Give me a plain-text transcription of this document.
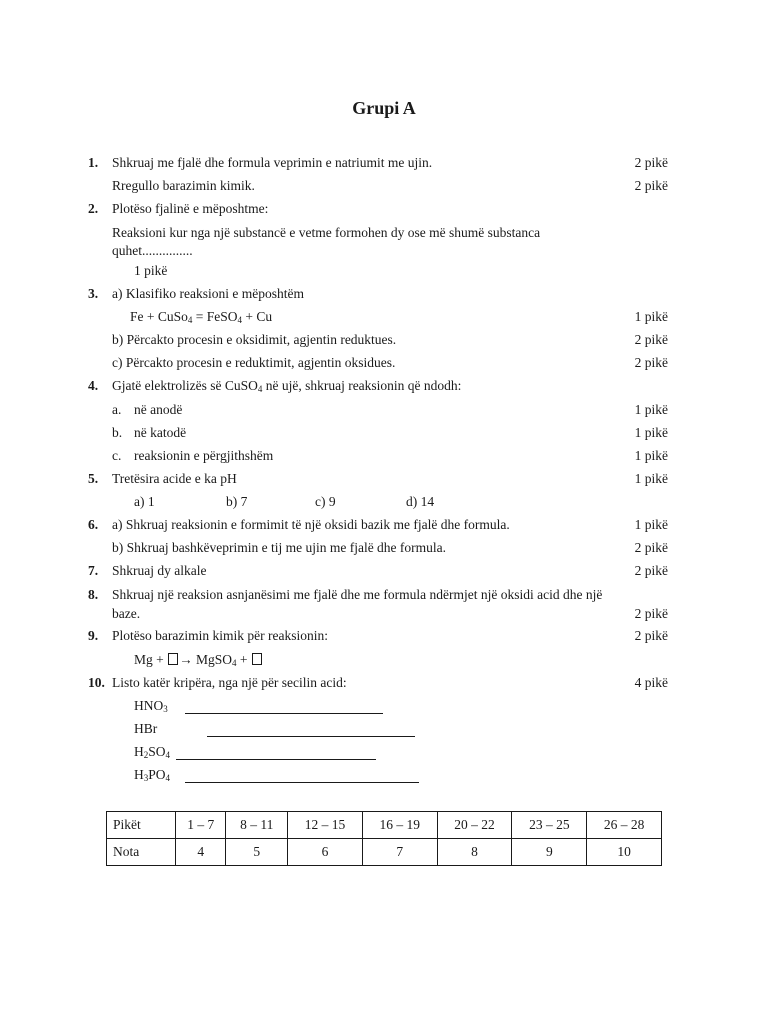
Grupi A
1. Shkruaj me fjalë dhe formula veprimin e natriumit me ujin.	2 pikë
Rregullo barazimin kimik.	2 pikë
2. Plotëso fjalinë e mëposhtme:
Reaksioni kur nga një substancë e vetme formohen dy ose më shumë substanca
quhet...............
1 pikë
3. a) Klasifiko reaksioni e mëposhtëm
Fe + CuSo$_4$ = FeSO$_4$ + Cu	1 pikë
b) Përcakto procesin e oksidimit, agjentin reduktues.	2 pikë
c) Përcakto procesin e reduktimit, agjentin oksidues.	2 pikë
4. Gjatë elektrolizës së CuSO$_4$ në ujë, shkruaj reaksionin që ndodh:
a. në anodë	1 pikë
b. në katodë	1 pikë
c. reaksionin e përgjithshëm	1 pikë
5. Tretësira acide e ka pH	1 pikë
a) 1	b) 7	c) 9	d) 14
6. a) Shkruaj reaksionin e formimit të një oksidi bazik me fjalë dhe formula.	1 pikë
b) Shkruaj bashkëveprimin e tij me ujin me fjalë dhe formula.	2 pikë
7. Shkruaj dy alkale	2 pikë
8. Shkruaj një reaksion asnjanësimi me fjalë dhe me formula ndërmjet një oksidi acid dhe një
baze.	2 pikë
9. Plotëso barazimin kimik për reaksionin:	2 pikë
Mg + → MgSO$_4$ +
10. Listo katër kripëra, nga një për secilin acid:	4 pikë
$HNO_3$
HBr
$H_2SO_4$
$H_3PO_4$
Pikët	1 – 7	8 – 11	12 – 15	16 – 19	20 – 22	23 – 25	26 – 28
Nota	4	5	6	7	8	9	10
